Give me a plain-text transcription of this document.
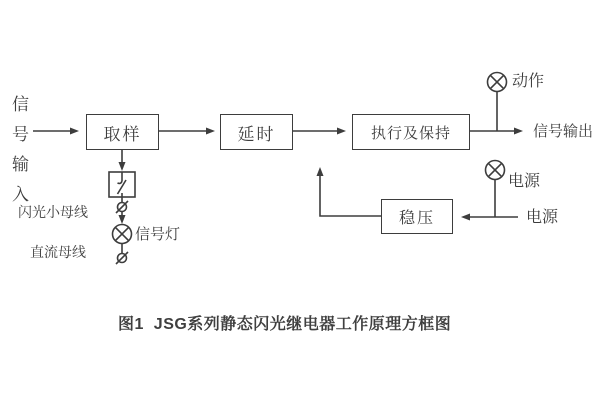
取样	延时	执行及保持
稳压
信号输入
闪光小母线
直流母线
信号灯
动作
信号输出
电源
电源
图1  JSG系列静态闪光继电器工作原理方框图
